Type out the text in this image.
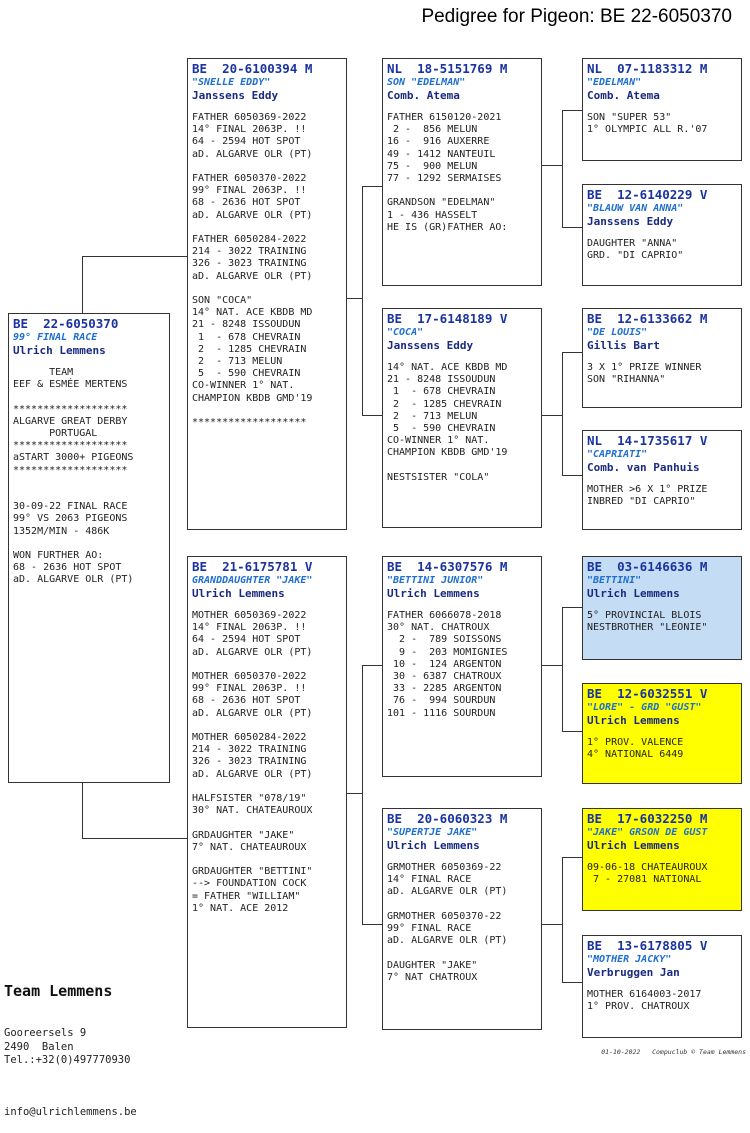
Pedigree for Pigeon: BE 22-6050370
BE  22-6050370
99° FINAL RACE
Ulrich Lemmens
TEAM
EEF & ESMÉE MERTENS

*******************
ALGARVE GREAT DERBY
PORTUGAL
*******************
aSTART 3000+ PIGEONS
*******************

30-09-22 FINAL RACE
99° VS 2063 PIGEONS
1352M/MIN - 486K

WON FURTHER AO:
68 - 2636 HOT SPOT
aD. ALGARVE OLR (PT)
BE  20-6100394 M
"SNELLE EDDY"
Janssens Eddy
FATHER 6050369-2022
14° FINAL 2063P. !!
64 - 2594 HOT SPOT
aD. ALGARVE OLR (PT)

FATHER 6050370-2022
99° FINAL 2063P. !!
68 - 2636 HOT SPOT
aD. ALGARVE OLR (PT)

FATHER 6050284-2022
214 - 3022 TRAINING
326 - 3023 TRAINING
aD. ALGARVE OLR (PT)

SON "COCA"
14° NAT. ACE KBDB MD
21 - 8248 ISSOUDUN
1  - 678 CHEVRAIN
2  - 1285 CHEVRAIN
2  - 713 MELUN
5  - 590 CHEVRAIN
CO-WINNER 1° NAT.
CHAMPION KBDB GMD'19

*******************
BE  21-6175781 V
GRANDDAUGHTER "JAKE"
Ulrich Lemmens
MOTHER 6050369-2022
14° FINAL 2063P. !!
64 - 2594 HOT SPOT
aD. ALGARVE OLR (PT)

MOTHER 6050370-2022
99° FINAL 2063P. !!
68 - 2636 HOT SPOT
aD. ALGARVE OLR (PT)

MOTHER 6050284-2022
214 - 3022 TRAINING
326 - 3023 TRAINING
aD. ALGARVE OLR (PT)

HALFSISTER "078/19"
30° NAT. CHATEAUROUX

GRDAUGHTER "JAKE"
7° NAT. CHATEAUROUX

GRDAUGHTER "BETTINI"
--> FOUNDATION COCK
= FATHER "WILLIAM"
1° NAT. ACE 2012
NL  18-5151769 M
SON "EDELMAN"
Comb. Atema
FATHER 6150120-2021
2 -  856 MELUN
16 -  916 AUXERRE
49 - 1412 NANTEUIL
75 -  900 MELUN
77 - 1292 SERMAISES

GRANDSON "EDELMAN"
1 - 436 HASSELT
HE IS (GR)FATHER AO:
BE  17-6148189 V
"COCA"
Janssens Eddy
14° NAT. ACE KBDB MD
21 - 8248 ISSOUDUN
1  - 678 CHEVRAIN
2  - 1285 CHEVRAIN
2  - 713 MELUN
5  - 590 CHEVRAIN
CO-WINNER 1° NAT.
CHAMPION KBDB GMD'19

NESTSISTER "COLA"
BE  14-6307576 M
"BETTINI JUNIOR"
Ulrich Lemmens
FATHER 6066078-2018
30° NAT. CHATROUX
2 -  789 SOISSONS
9 -  203 MOMIGNIES
10 -  124 ARGENTON
30 - 6387 CHATROUX
33 - 2285 ARGENTON
76 -  994 SOURDUN
101 - 1116 SOURDUN
BE  20-6060323 M
"SUPERTJE JAKE"
Ulrich Lemmens
GRMOTHER 6050369-22
14° FINAL RACE
aD. ALGARVE OLR (PT)

GRMOTHER 6050370-22
99° FINAL RACE
aD. ALGARVE OLR (PT)

DAUGHTER "JAKE"
7° NAT CHATROUX
NL  07-1183312 M
"EDELMAN"
Comb. Atema
SON "SUPER 53"
1° OLYMPIC ALL R.'07
BE  12-6140229 V
"BLAUW VAN ANNA"
Janssens Eddy
DAUGHTER "ANNA"
GRD. "DI CAPRIO"
BE  12-6133662 M
"DE LOUIS"
Gillis Bart
3 X 1° PRIZE WINNER
SON "RIHANNA"
NL  14-1735617 V
"CAPRIATI"
Comb. van Panhuis
MOTHER >6 X 1° PRIZE
INBRED "DI CAPRIO"
BE  03-6146636 M
"BETTINI"
Ulrich Lemmens
5° PROVINCIAL BLOIS
NESTBROTHER "LEONIE"
BE  12-6032551 V
"LORE" - GRD "GUST"
Ulrich Lemmens
1° PROV. VALENCE
4° NATIONAL 6449
BE  17-6032250 M
"JAKE" GRSON DE GUST
Ulrich Lemmens
09-06-18 CHATEAUROUX
7 - 27081 NATIONAL
BE  13-6178805 V
"MOTHER JACKY"
Verbruggen Jan
MOTHER 6164003-2017
1° PROV. CHATROUX

Team Lemmens

Gooreersels 9
2490  Balen
Tel.:+32(0)497770930

info@ulrichlemmens.be

01-10-2022   Compuclub © Team Lemmens
